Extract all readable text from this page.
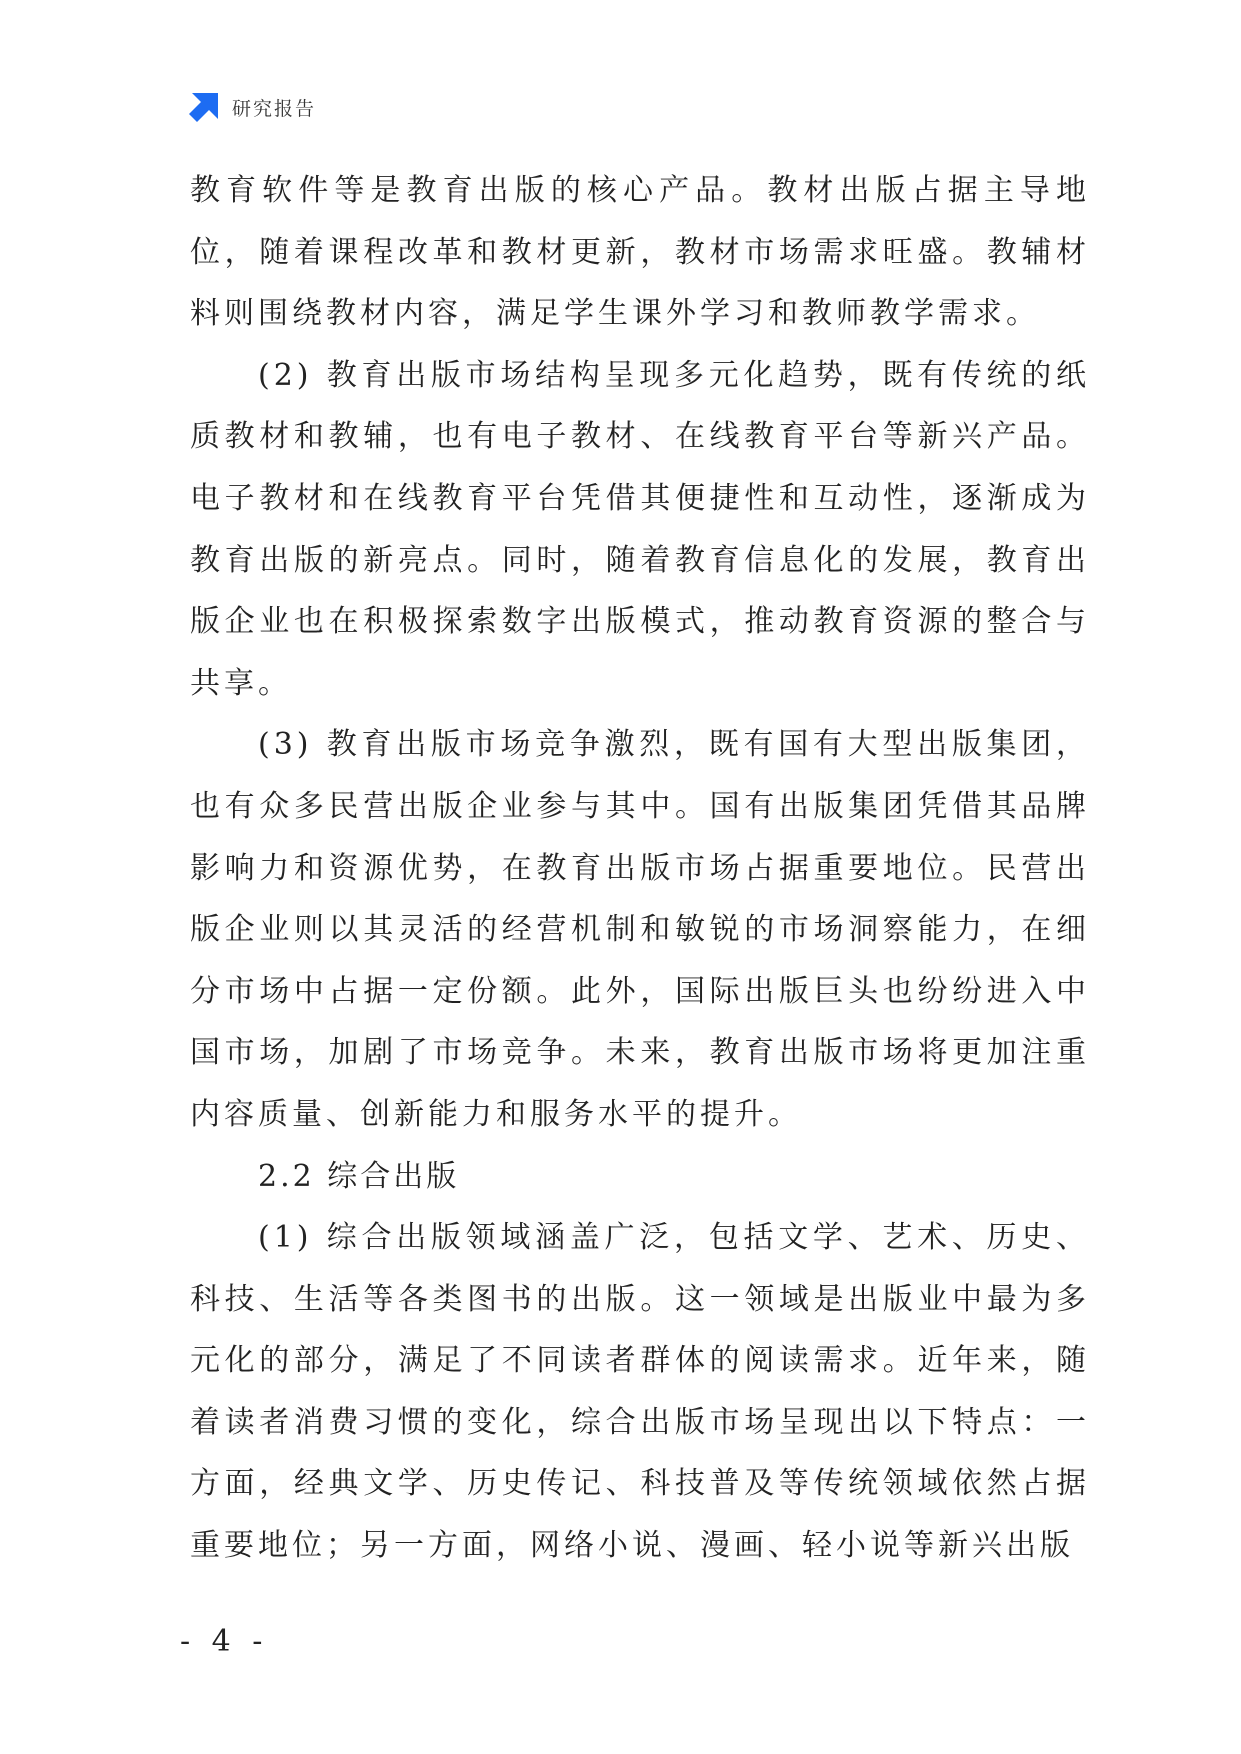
研究报告

教育软件等是教育出版的核心产品。教材出版占据主导地位，随着课程改革和教材更新，教材市场需求旺盛。教辅材料则围绕教材内容，满足学生课外学习和教师教学需求。

(2) 教育出版市场结构呈现多元化趋势，既有传统的纸质教材和教辅，也有电子教材、在线教育平台等新兴产品。电子教材和在线教育平台凭借其便捷性和互动性，逐渐成为教育出版的新亮点。同时，随着教育信息化的发展，教育出版企业也在积极探索数字出版模式，推动教育资源的整合与共享。

(3) 教育出版市场竞争激烈，既有国有大型出版集团，也有众多民营出版企业参与其中。国有出版集团凭借其品牌影响力和资源优势，在教育出版市场占据重要地位。民营出版企业则以其灵活的经营机制和敏锐的市场洞察能力，在细分市场中占据一定份额。此外，国际出版巨头也纷纷进入中国市场，加剧了市场竞争。未来，教育出版市场将更加注重内容质量、创新能力和服务水平的提升。

2.2 综合出版

(1) 综合出版领域涵盖广泛，包括文学、艺术、历史、科技、生活等各类图书的出版。这一领域是出版业中最为多元化的部分，满足了不同读者群体的阅读需求。近年来，随着读者消费习惯的变化，综合出版市场呈现出以下特点：一方面，经典文学、历史传记、科技普及等传统领域依然占据重要地位；另一方面，网络小说、漫画、轻小说等新兴出版

- 4 -
